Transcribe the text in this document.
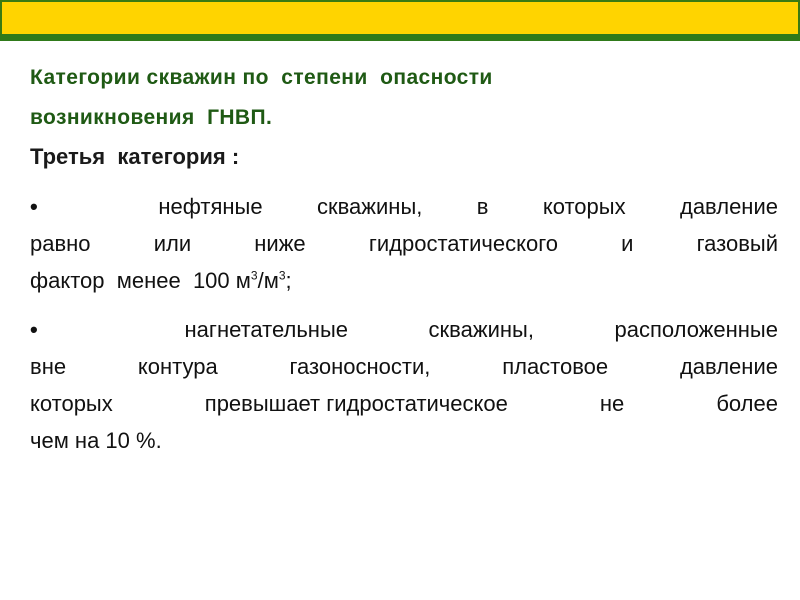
Категории скважин по  степени  опасности
возникновения  ГНВП.

Третья  категория :

•	нефтяные скважины, в которых давление
равно	или	ниже	гидростатического	и	газовый
фактор  менее  100 $м^3/м^3$;
•	нагнетательные	скважины,	расположенные
вне	контура	газоносности,	пластовое	давление
которых	превышает гидростатическое	не	более
чем на 10 %.
